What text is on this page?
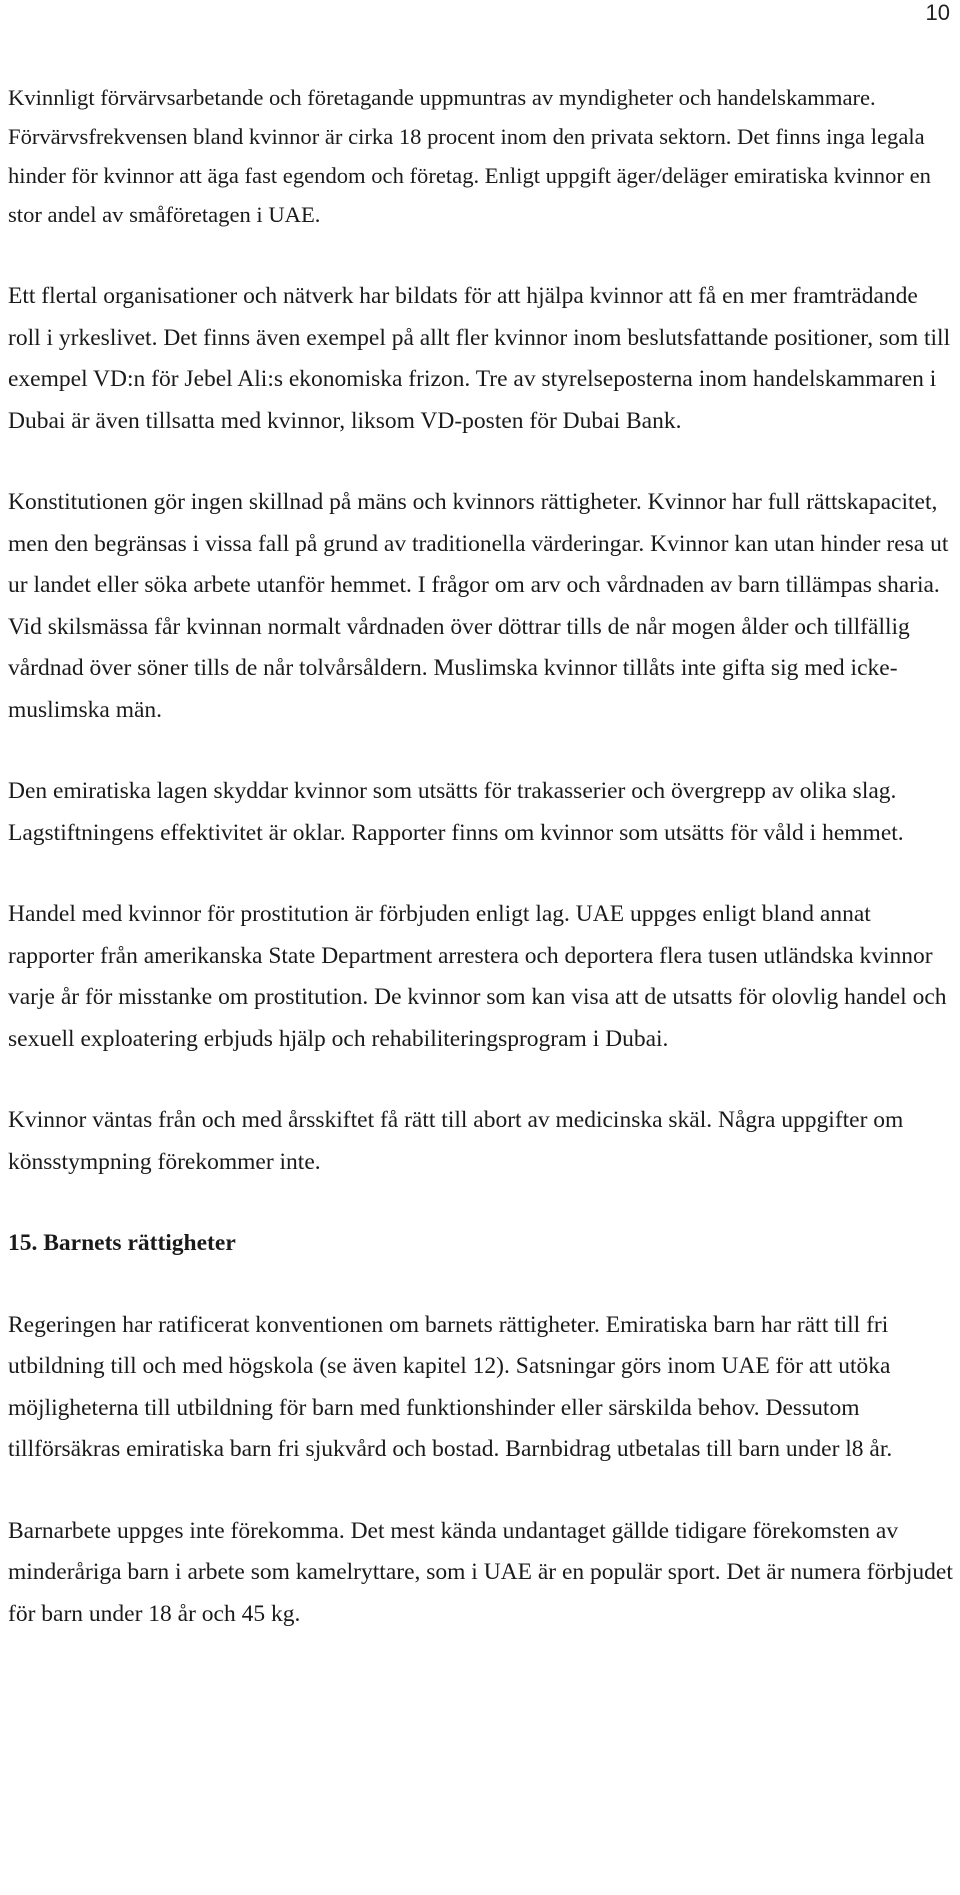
10

Kvinnligt förvärvsarbetande och företagande uppmuntras av myndigheter och handelskammare. Förvärvsfrekvensen bland kvinnor är cirka 18 procent inom den privata sektorn. Det finns inga legala hinder för kvinnor att äga fast egendom och företag. Enligt uppgift äger/deläger emiratiska kvinnor en stor andel av småföretagen i UAE.

Ett flertal organisationer och nätverk har bildats för att hjälpa kvinnor att få en mer framträdande roll i yrkeslivet. Det finns även exempel på allt fler kvinnor inom beslutsfattande positioner, som till exempel VD:n för Jebel Ali:s ekonomiska frizon. Tre av styrelseposterna inom handelskammaren i Dubai är även tillsatta med kvinnor, liksom VD-posten för Dubai Bank.

Konstitutionen gör ingen skillnad på mäns och kvinnors rättigheter. Kvinnor har full rättskapacitet, men den begränsas i vissa fall på grund av traditionella värderingar. Kvinnor kan utan hinder resa ut ur landet eller söka arbete utanför hemmet. I frågor om arv och vårdnaden av barn tillämpas sharia. Vid skilsmässa får kvinnan normalt vårdnaden över döttrar tills de når mogen ålder och tillfällig vårdnad över söner tills de når tolvårsåldern. Muslimska kvinnor tillåts inte gifta sig med icke-muslimska män.

Den emiratiska lagen skyddar kvinnor som utsätts för trakasserier och övergrepp av olika slag. Lagstiftningens effektivitet är oklar. Rapporter finns om kvinnor som utsätts för våld i hemmet.

Handel med kvinnor för prostitution är förbjuden enligt lag. UAE uppges enligt bland annat rapporter från amerikanska State Department arrestera och deportera flera tusen utländska kvinnor varje år för misstanke om prostitution. De kvinnor som kan visa att de utsatts för olovlig handel och sexuell exploatering erbjuds hjälp och rehabiliteringsprogram i Dubai.

Kvinnor väntas från och med årsskiftet få rätt till abort av medicinska skäl. Några uppgifter om könsstympning förekommer inte.

15. Barnets rättigheter

Regeringen har ratificerat konventionen om barnets rättigheter. Emiratiska barn har rätt till fri utbildning till och med högskola (se även kapitel 12). Satsningar görs inom UAE för att utöka möjligheterna till utbildning för barn med funktionshinder eller särskilda behov. Dessutom tillförsäkras emiratiska barn fri sjukvård och bostad. Barnbidrag utbetalas till barn under l8 år.

Barnarbete uppges inte förekomma. Det mest kända undantaget gällde tidigare förekomsten av minderåriga barn i arbete som kamelryttare, som i UAE är en populär sport. Det är numera förbjudet för barn under 18 år och 45 kg.
